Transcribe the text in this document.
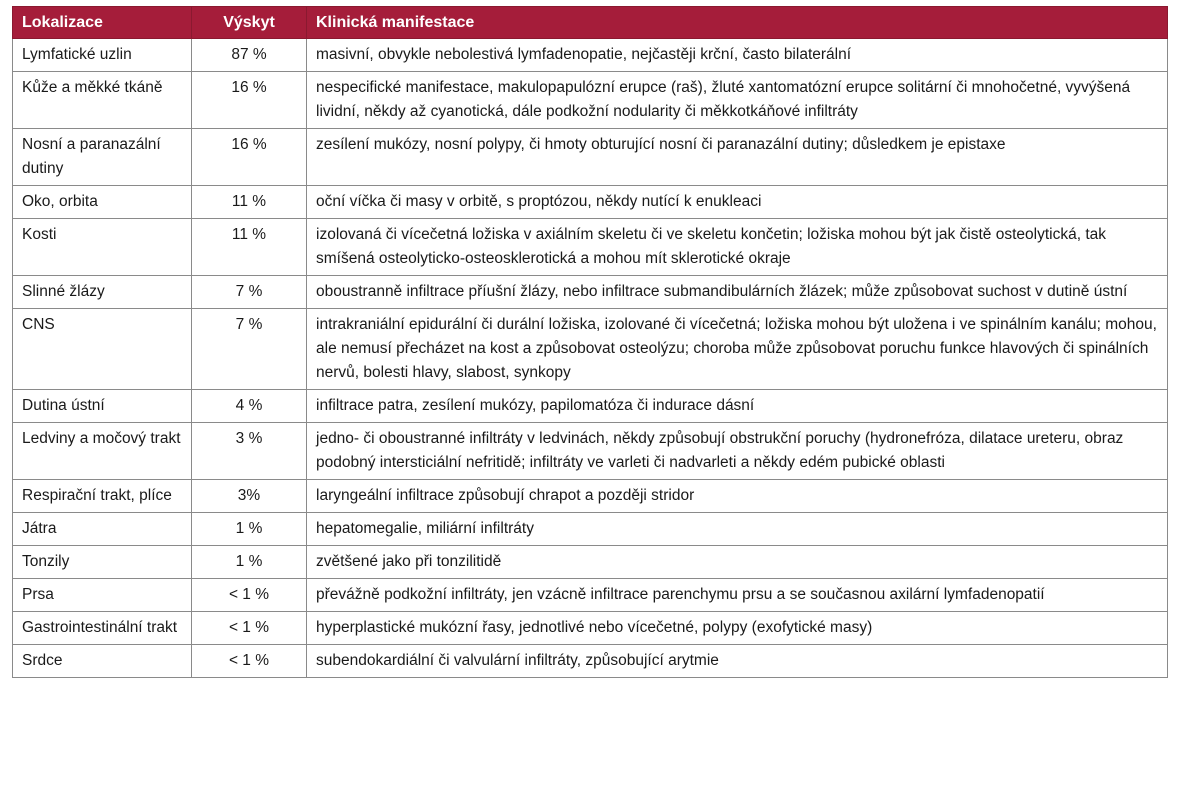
Lokalizace	Výskyt	Klinická manifestace
Lymfatické uzlin	87 %	masivní, obvykle nebolestivá lymfadenopatie, nejčastěji krční, často bilaterální
Kůže a měkké tkáně	16 %	nespecifické manifestace, makulopapulózní erupce (raš), žluté xantomatózní erupce solitární či mnohočetné, vyvýšená lividní, někdy až cyanotická, dále podkožní nodularity či měkkotkáňové infiltráty
Nosní a paranazální dutiny	16 %	zesílení mukózy, nosní polypy, či hmoty obturující nosní či paranazální dutiny; důsledkem je epistaxe
Oko, orbita	11 %	oční víčka či masy v orbitě, s proptózou, někdy nutící k enukleaci
Kosti	11 %	izolovaná či vícečetná ložiska v axiálním skeletu či ve skeletu končetin; ložiska mohou být jak čistě osteolytická, tak smíšená osteolyticko-osteosklerotická a mohou mít sklerotické okraje
Slinné žlázy	7 %	oboustranně infiltrace příušní žlázy, nebo infiltrace submandibulárních žlázek; může způsobovat suchost v dutině ústní
CNS	7 %	intrakraniální epidurální či durální ložiska, izolované či vícečetná; ložiska mohou být uložena i ve spinálním kanálu; mohou, ale nemusí přecházet na kost a způsobovat osteolýzu; choroba může způsobovat poruchu funkce hlavových či spinálních nervů, bolesti hlavy, slabost, synkopy
Dutina ústní	4 %	infiltrace patra, zesílení mukózy, papilomatóza či indurace dásní
Ledviny a močový trakt	3 %	jedno- či oboustranné infiltráty v ledvinách, někdy způsobují obstrukční poruchy (hydronefróza, dilatace ureteru, obraz podobný intersticiální nefritidě; infiltráty ve varleti či nadvarleti a někdy edém pubické oblasti
Respirační trakt, plíce	3%	laryngeální infiltrace způsobují chrapot a později stridor
Játra	1 %	hepatomegalie, miliární infiltráty
Tonzily	1 %	zvětšené jako při tonzilitidě
Prsa	< 1 %	převážně podkožní infiltráty, jen vzácně infiltrace parenchymu prsu a se současnou axilární lymfadenopatií
Gastrointestinální trakt	< 1 %	hyperplastické mukózní řasy, jednotlivé nebo vícečetné, polypy (exofytické masy)
Srdce	< 1 %	subendokardiální či valvulární infiltráty, způsobující arytmie
